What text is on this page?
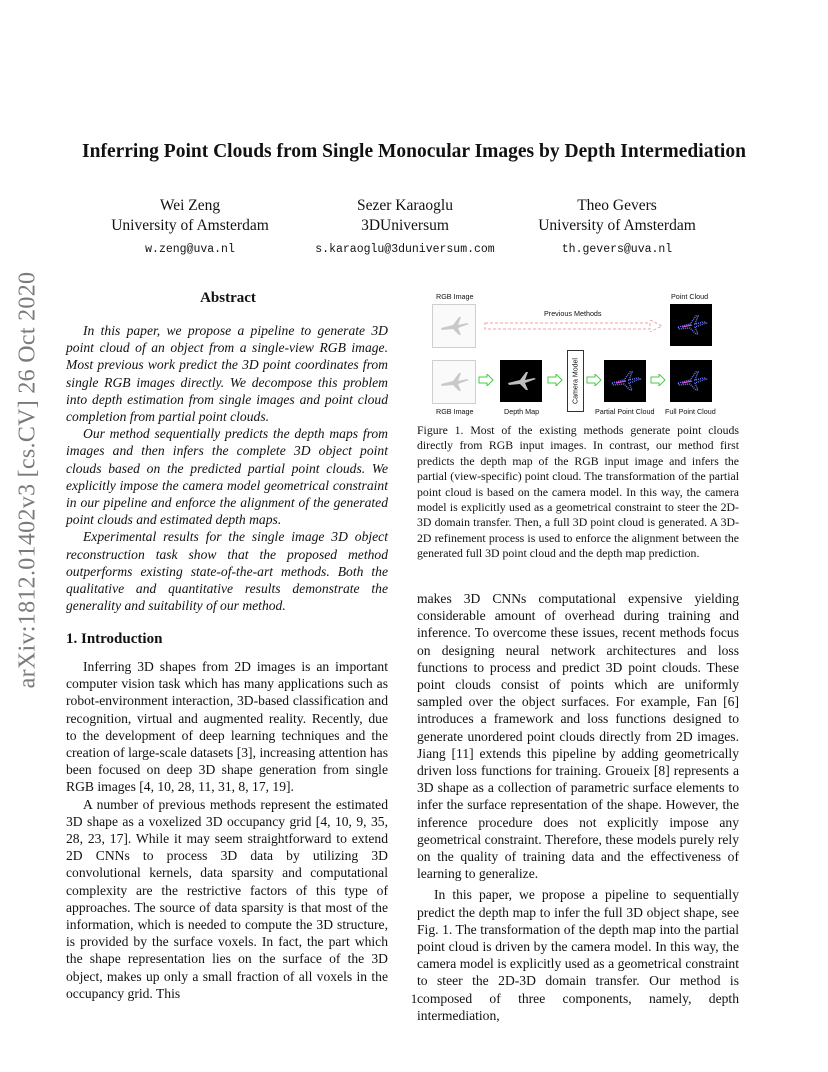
Inferring Point Clouds from Single Monocular Images by Depth Intermediation
Wei Zeng
University of Amsterdam
w.zeng@uva.nl
Sezer Karaoglu
3DUniversum
s.karaoglu@3duniversum.com
Theo Gevers
University of Amsterdam
th.gevers@uva.nl
arXiv:1812.01402v3 [cs.CV] 26 Oct 2020	Abstract

In this paper, we propose a pipeline to generate 3D point cloud of an object from a single-view RGB image. Most previous work predict the 3D point coordinates from single RGB images directly. We decompose this problem into depth estimation from single images and point cloud completion from partial point clouds.

Our method sequentially predicts the depth maps from images and then infers the complete 3D object point clouds based on the predicted partial point clouds. We explicitly impose the camera model geometrical constraint in our pipeline and enforce the alignment of the generated point clouds and estimated depth maps.

Experimental results for the single image 3D object reconstruction task show that the proposed method outperforms existing state-of-the-art methods. Both the qualitative and quantitative results demonstrate the generality and suitability of our method.

1. Introduction

Inferring 3D shapes from 2D images is an important computer vision task which has many applications such as robot-environment interaction, 3D-based classification and recognition, virtual and augmented reality. Recently, due to the development of deep learning techniques and the creation of large-scale datasets [3], increasing attention has been focused on deep 3D shape generation from single RGB images [4, 10, 28, 11, 31, 8, 17, 19].

A number of previous methods represent the estimated 3D shape as a voxelized 3D occupancy grid [4, 10, 9, 35, 28, 23, 17]. While it may seem straightforward to extend 2D CNNs to process 3D data by utilizing 3D convolutional kernels, data sparsity and computational complexity are the restrictive factors of this type of approaches. The source of data sparsity is that most of the information, which is needed to compute the 3D structure, is provided by the surface voxels. In fact, the part which the shape representation lies on the surface of the 3D object, makes up only a small fraction of all voxels in the occupancy grid. This

RGB Image	Point Cloud
Previous Methods
Camera Model
RGB Image	Depth Map	Partial Point Cloud Full Point Cloud
Figure 1. Most of the existing methods generate point clouds directly from RGB input images. In contrast, our method first predicts the depth map of the RGB input image and infers the partial (view-specific) point cloud. The transformation of the partial point cloud is based on the camera model. In this way, the camera model is explicitly used as a geometrical constraint to steer the 2D-3D domain transfer. Then, a full 3D point cloud is generated. A 3D-2D refinement process is used to enforce the alignment between the generated full 3D point cloud and the depth map prediction.

makes 3D CNNs computational expensive yielding considerable amount of overhead during training and inference. To overcome these issues, recent methods focus on designing neural network architectures and loss functions to process and predict 3D point clouds. These point clouds consist of points which are uniformly sampled over the object surfaces. For example, Fan [6] introduces a framework and loss functions designed to generate unordered point clouds directly from 2D images. Jiang [11] extends this pipeline by adding geometrically driven loss functions for training. Groueix [8] represents a 3D shape as a collection of parametric surface elements to infer the surface representation of the shape. However, the inference procedure does not explicitly impose any geometrical constraint. Therefore, these models purely rely on the quality of training data and the effectiveness of learning to generalize.

In this paper, we propose a pipeline to sequentially predict the depth map to infer the full 3D object shape, see Fig. 1. The transformation of the depth map into the partial point cloud is driven by the camera model. In this way, the camera model is explicitly used as a geometrical constraint to steer the 2D-3D domain transfer. Our method is composed of three components, namely, depth intermediation,

1
